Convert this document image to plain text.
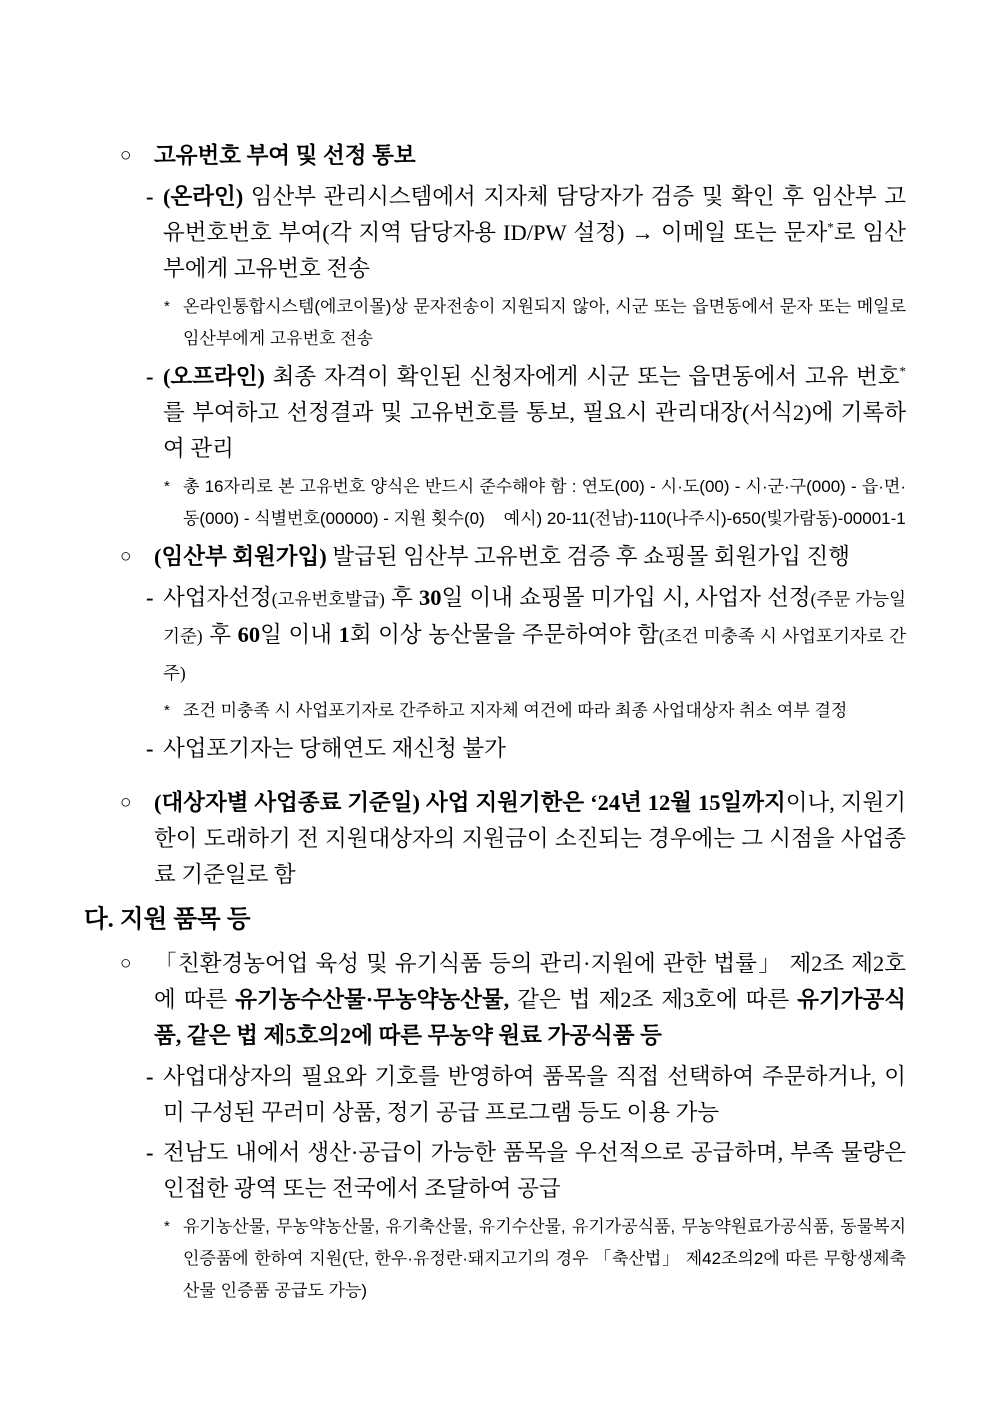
○	고유번호 부여 및 선정 통보
- (온라인) 임산부 관리시스템에서 지자체 담당자가 검증 및 확인 후 임산부 고유번호번호 부여(각 지역 담당자용 ID/PW 설정) → 이메일 또는 문자*로 임산부에게 고유번호 전송
* 온라인통합시스템(에코이몰)상 문자전송이 지원되지 않아, 시군 또는 읍면동에서 문자 또는 메일로 임산부에게 고유번호 전송
- (오프라인) 최종 자격이 확인된 신청자에게 시군 또는 읍면동에서 고유 번호*를 부여하고 선정결과 및 고유번호를 통보, 필요시 관리대장(서식2)에 기록하여 관리
* 총 16자리로 본 고유번호 양식은 반드시 준수해야 함 : 연도(00) - 시·도(00) - 시·군·구(000) - 읍·면·동(000) - 식별번호(00000) - 지원 횟수(0)    예시) 20-11(전남)-110(나주시)-650(빛가람동)-00001-1
○	(임산부 회원가입) 발급된 임산부 고유번호 검증 후 쇼핑몰 회원가입 진행
- 사업자선정(고유번호발급) 후 30일 이내 쇼핑몰 미가입 시, 사업자 선정(주문 가능일 기준) 후 60일 이내 1회 이상 농산물을 주문하여야 함(조건 미충족 시 사업포기자로 간주)
* 조건 미충족 시 사업포기자로 간주하고 지자체 여건에 따라 최종 사업대상자 취소 여부 결정
- 사업포기자는 당해연도 재신청 불가
○	(대상자별 사업종료 기준일) 사업 지원기한은 ‘24년 12월 15일까지이나, 지원기한이 도래하기 전 지원대상자의 지원금이 소진되는 경우에는 그 시점을 사업종료 기준일로 함
다. 지원 품목 등
○	「친환경농어업 육성 및 유기식품 등의 관리·지원에 관한 법률」 제2조 제2호에 따른 유기농수산물·무농약농산물, 같은 법 제2조 제3호에 따른 유기가공식품, 같은 법 제5호의2에 따른 무농약 원료 가공식품 등
- 사업대상자의 필요와 기호를 반영하여 품목을 직접 선택하여 주문하거나, 이미 구성된 꾸러미 상품, 정기 공급 프로그램 등도 이용 가능
- 전남도 내에서 생산·공급이 가능한 품목을 우선적으로 공급하며, 부족 물량은 인접한 광역 또는 전국에서 조달하여 공급
* 유기농산물, 무농약농산물, 유기축산물, 유기수산물, 유기가공식품, 무농약원료가공식품, 동물복지인증품에 한하여 지원(단, 한우·유정란·돼지고기의 경우 「축산법」 제42조의2에 따른 무항생제축산물 인증품 공급도 가능)
